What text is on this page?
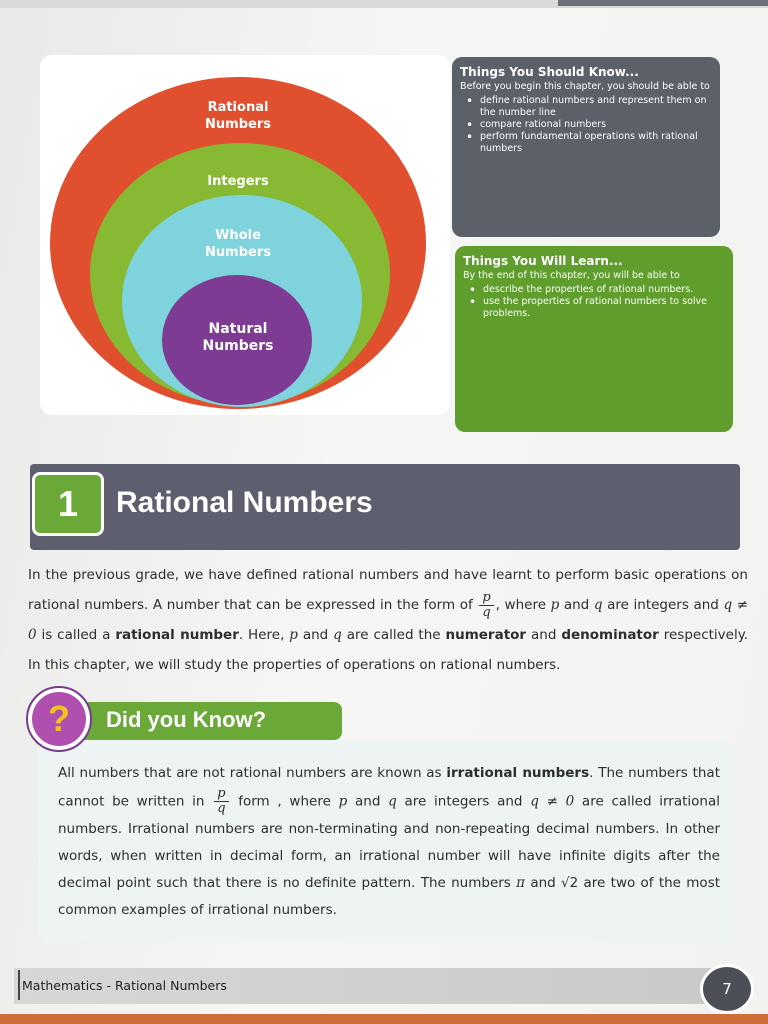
Rational
Numbers
Integers
Whole
Numbers
Natural
Numbers
Things You Should Know...
Before you begin this chapter, you should be able to
• define rational numbers and represent them on the number line
• compare rational numbers
• perform fundamental operations with rational numbers
Things You Will Learn...
By the end of this chapter, you will be able to
• describe the properties of rational numbers.
• use the properties of rational numbers to solve problems.
1	Rational Numbers

In the previous grade, we have defined rational numbers and have learnt to perform basic operations on rational numbers. A number that can be expressed in the form of $\frac{p}{q}$ , where p and q are integers and q ≠ 0 is called a rational number. Here, p and q are called the numerator and denominator respectively. In this chapter, we will study the properties of operations on rational numbers.

?	Did you Know?

All numbers that are not rational numbers are known as irrational numbers. The numbers that cannot be written in $\frac{p}{q}$ form , where p and q are integers and q ≠ 0 are called irrational numbers. Irrational numbers are non-terminating and non-repeating decimal numbers. In other words, when written in decimal form, an irrational number will have infinite digits after the decimal point such that there is no definite pattern. The numbers π and √2 are two of the most common examples of irrational numbers.

Mathematics - Rational Numbers	7
